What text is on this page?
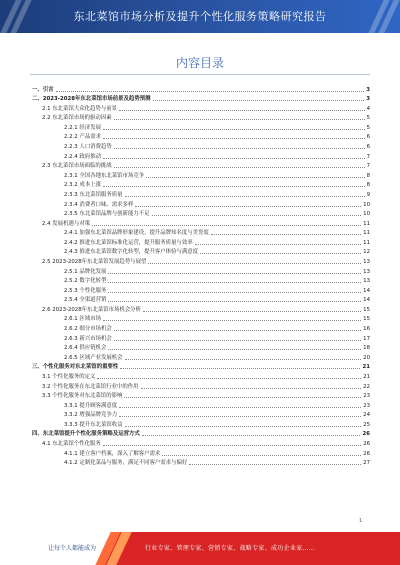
东北菜馆市场分析及提升个性化服务策略研究报告
内容目录
一、引言	3
二、2023-2028年东北菜馆市场前景及趋势预测	3
2.1 东北菜馆大众化趋势与前景	4
2.2 东北菜馆市场的驱动因素	5
2.2.1 经济发展	5
2.2.2 产品需求	6
2.2.3 人口消费趋势	6
2.2.4 政府推动	7
2.3 东北菜馆市场面临的挑战	7
2.3.1 全国各地东北菜馆市场竞争	8
2.3.2 成本上涨	8
2.3.3 东北菜馆服务质量	9
2.3.4 消费者口味、需求多样	10
2.3.5 东北菜馆品牌与创新能力不足	10
2.4 发展机遇与对策	11
2.4.1 加强东北菜馆品牌形象建设，提升品牌知名度与美誉度	11
2.4.2 推进东北菜馆标准化运营，提升服务质量与效率	11
2.4.3 推进东北菜馆数字化转型，提升客户体验与满意度	12
2.5 2023-2028年东北菜馆发展趋势与展望	13
2.5.1 品牌化发展	13
2.5.2 数字化转型	13
2.5.3 个性化服务	14
2.5.4 全渠道营销	14
2.6 2023-2028年东北菜馆市场机会分析	15
2.6.1 区域市场	15
2.6.2 细分市场机会	16
2.6.3 新兴市场机会	17
2.6.4 供应链机会	18
2.6.5 区域产业发展机会	20
三、个性化服务对东北菜馆的重要性	21
3.1 个性化服务的定义	21
3.2 个性化服务在东北菜馆行业中的作用	22
3.3 个性化服务对东北菜馆的影响	23
3.3.1 提升顾客满意度	23
3.3.2 增强品牌竞争力	24
3.3.3 提升东北菜馆收益	25
四、东北菜馆提升个性化服务策略及运营方式	26
4.1 东北菜馆个性化服务	26
4.1.1 建立客户档案，深入了解客户需求	26
4.1.2 定制化菜品与服务，满足不同客户需求与偏好	27
1
让每个人都能成为	行业专家、管理专家、营销专家、战略专家、成功企业家……
